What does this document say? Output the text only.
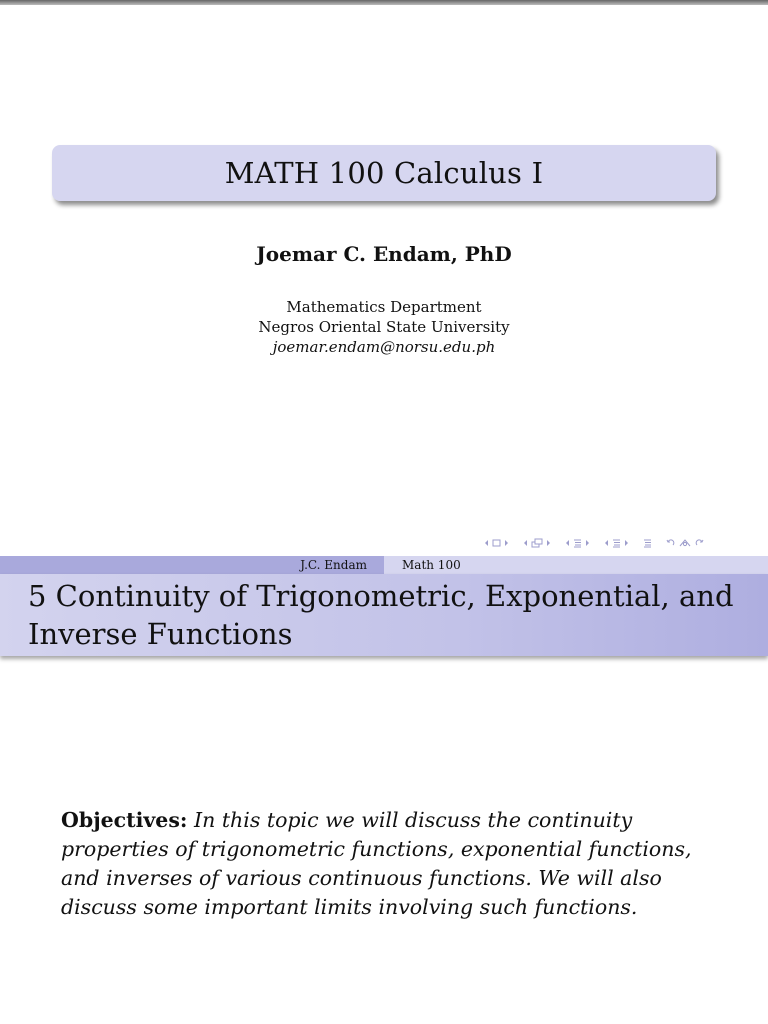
MATH 100 Calculus I
Joemar C. Endam, PhD
Mathematics Department
Negros Oriental State University
joemar.endam@norsu.edu.ph
J.C. Endam	Math 100
5 Continuity of Trigonometric, Exponential, and Inverse Functions
Objectives: In this topic we will discuss the continuity properties of trigonometric functions, exponential functions, and inverses of various continuous functions. We will also discuss some important limits involving such functions.
